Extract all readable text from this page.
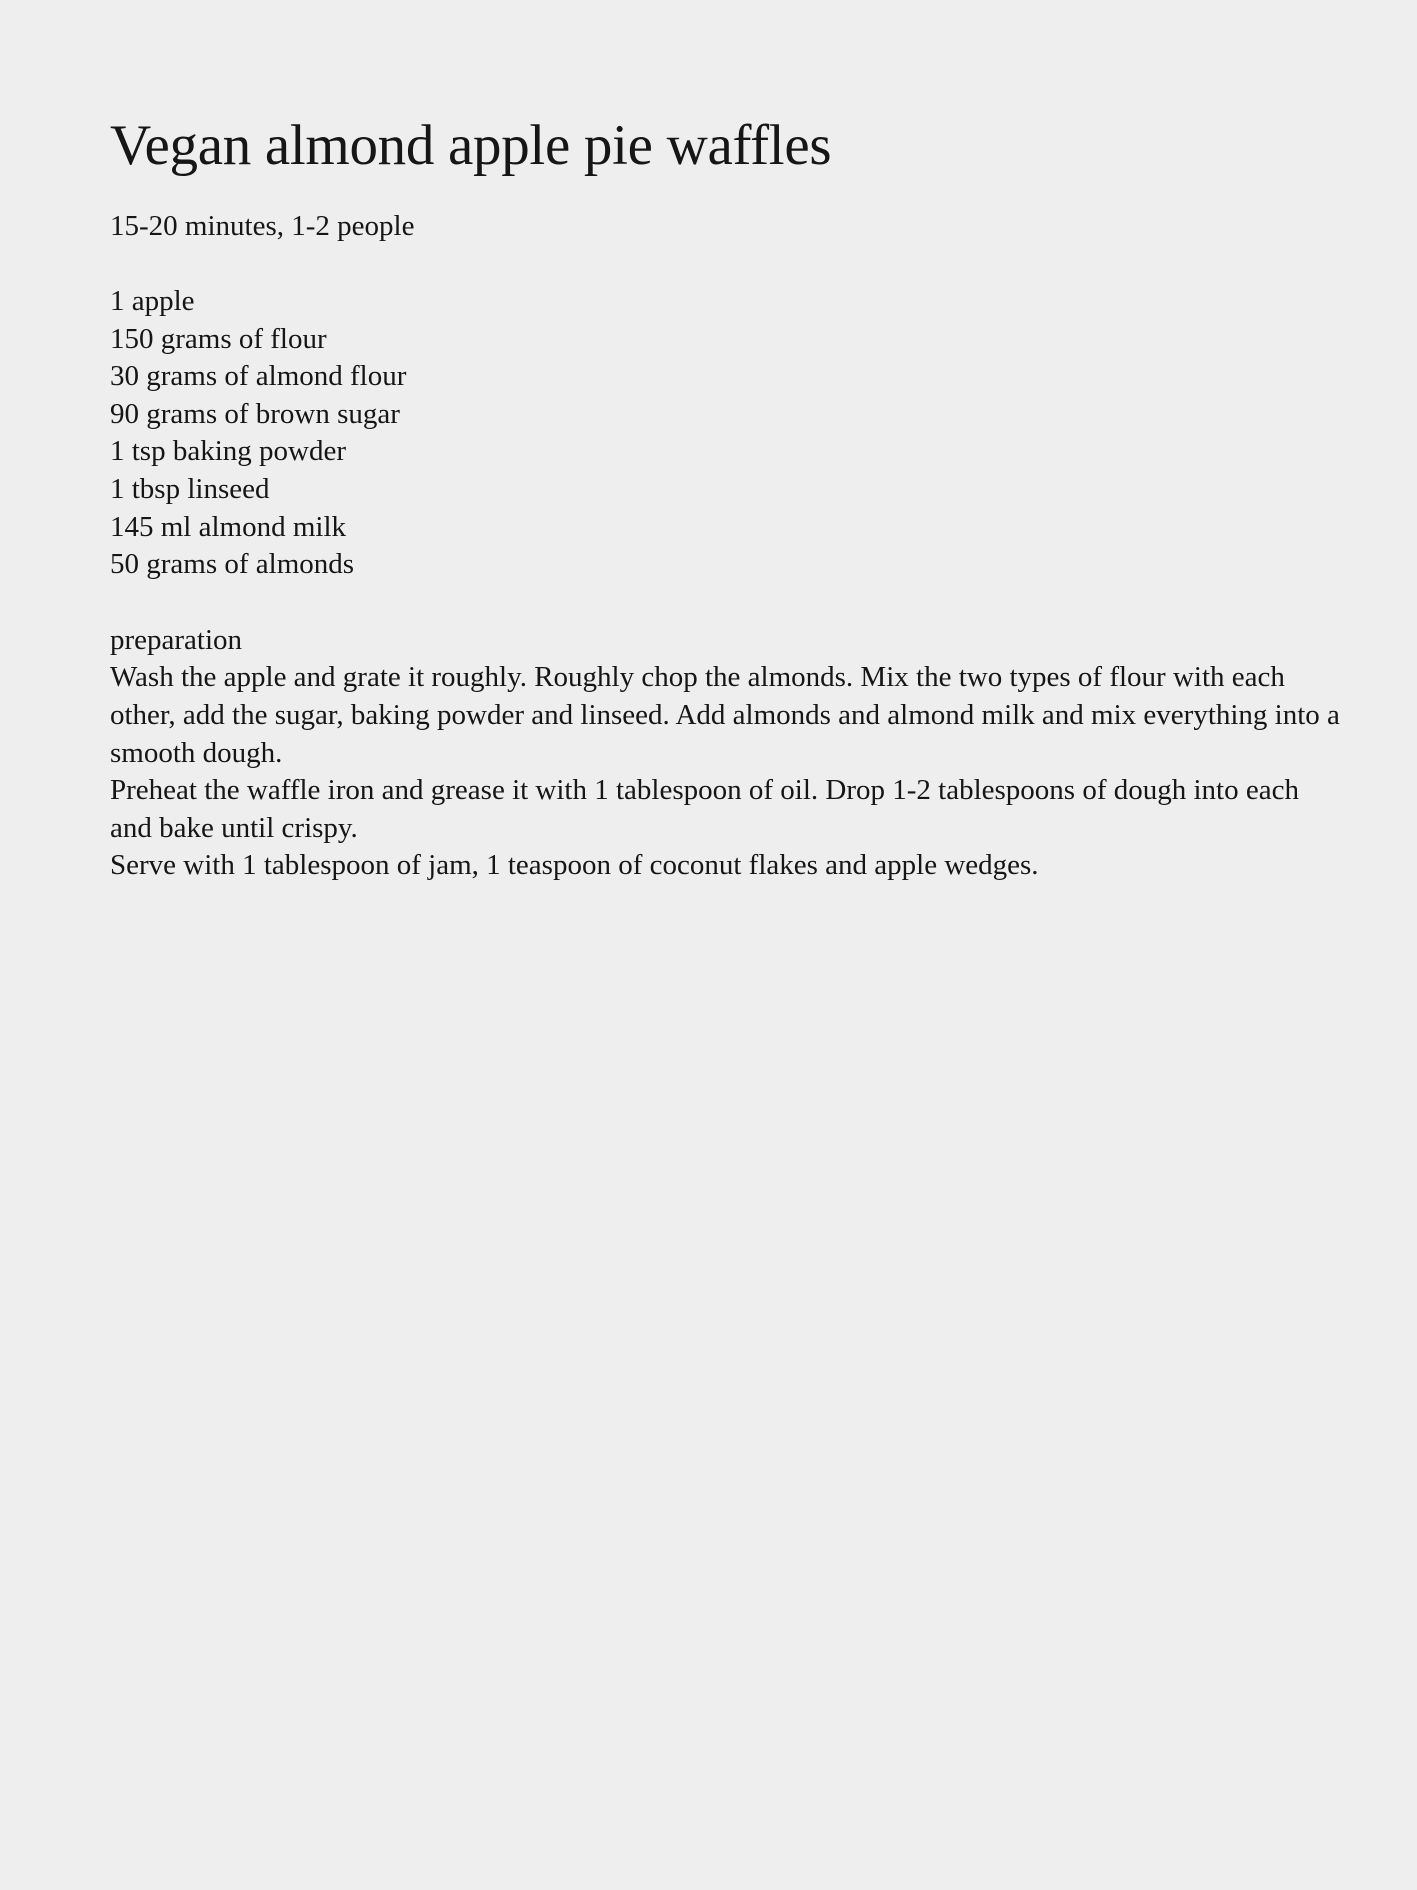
Vegan almond apple pie waffles

15-20 minutes, 1-2 people

1 apple
150 grams of flour
30 grams of almond flour
90 grams of brown sugar
1 tsp baking powder
1 tbsp linseed
145 ml almond milk
50 grams of almonds

preparation

Wash the apple and grate it roughly. Roughly chop the almonds. Mix the two types of flour with each other, add the sugar, baking powder and linseed. Add almonds and almond milk and mix everything into a smooth dough.

Preheat the waffle iron and grease it with 1 tablespoon of oil. Drop 1-2 tablespoons of dough into each and bake until crispy.

Serve with 1 tablespoon of jam, 1 teaspoon of coconut flakes and apple wedges.
